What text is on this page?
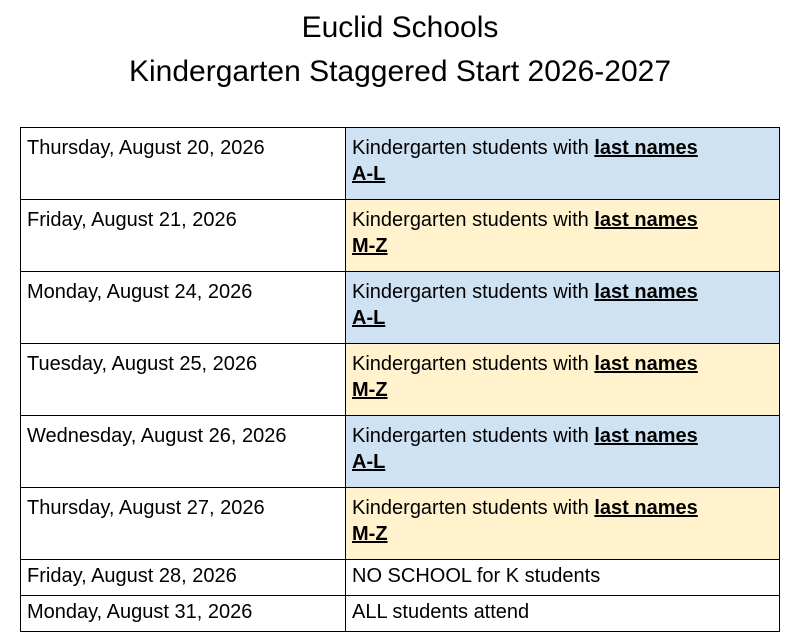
Euclid Schools
Kindergarten Staggered Start 2026-2027
Thursday, August 20, 2026	Kindergarten students with last names
A-L
Friday, August 21, 2026	Kindergarten students with last names
M-Z
Monday, August 24, 2026	Kindergarten students with last names
A-L
Tuesday, August 25, 2026	Kindergarten students with last names
M-Z
Wednesday, August 26, 2026	Kindergarten students with last names
A-L
Thursday, August 27, 2026	Kindergarten students with last names
M-Z
Friday, August 28, 2026	NO SCHOOL for K students
Monday, August 31, 2026	ALL students attend
